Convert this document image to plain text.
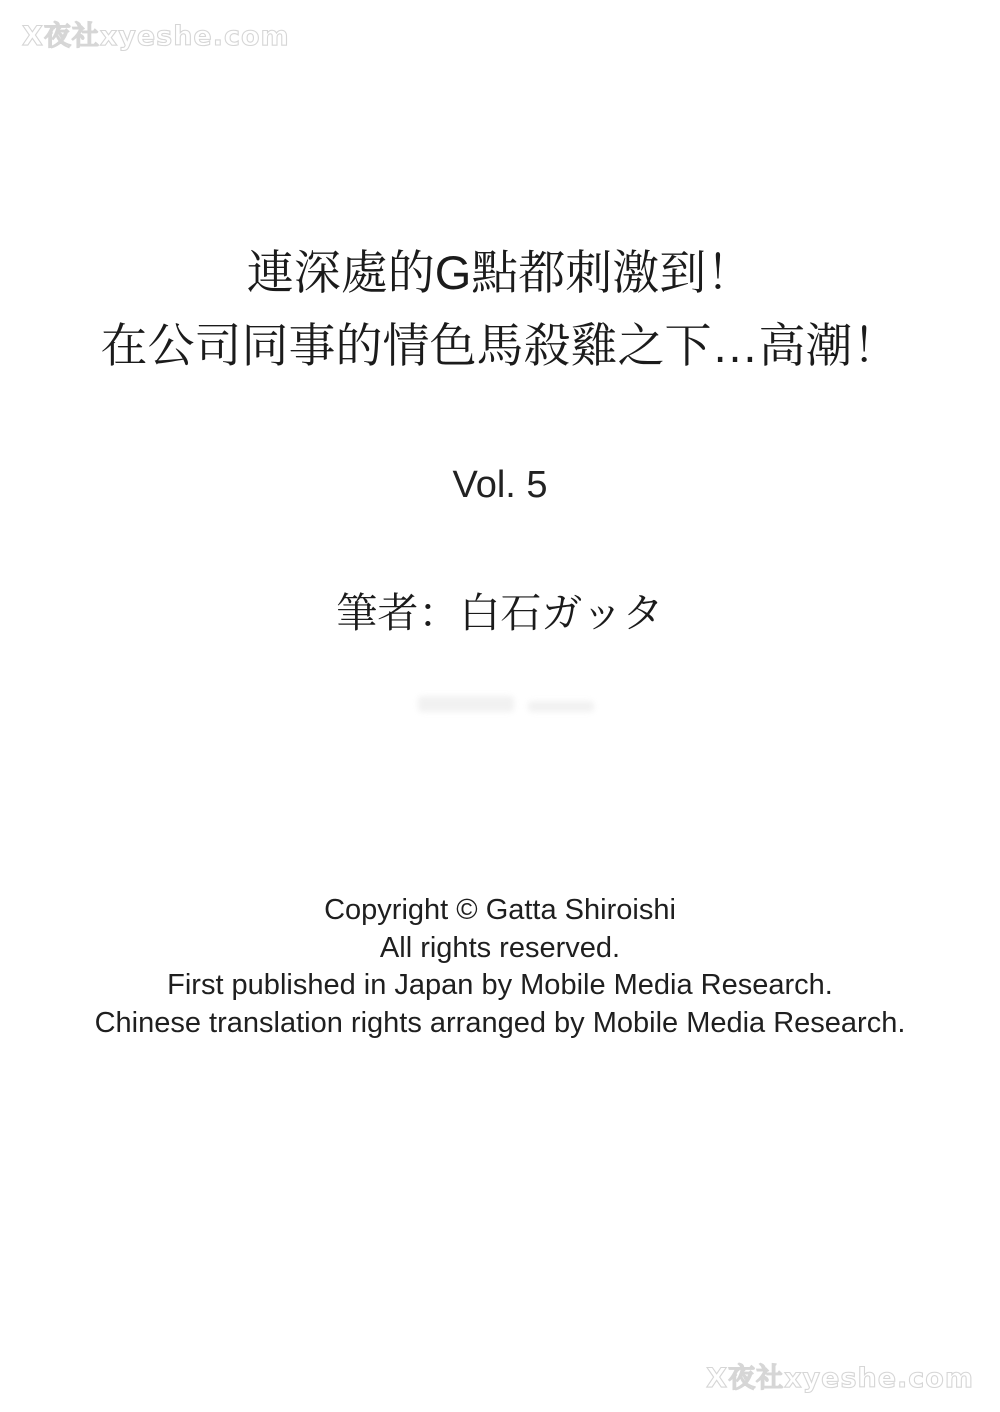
X夜社xyeshe.com
連深處的G點都刺激到！
在公司同事的情色馬殺雞之下…高潮！
Vol. 5
筆者：白石ガッタ
Copyright © Gatta Shiroishi
All rights reserved.
First published in Japan by Mobile Media Research.
Chinese translation rights arranged by Mobile Media Research.
X夜社xyeshe.com
